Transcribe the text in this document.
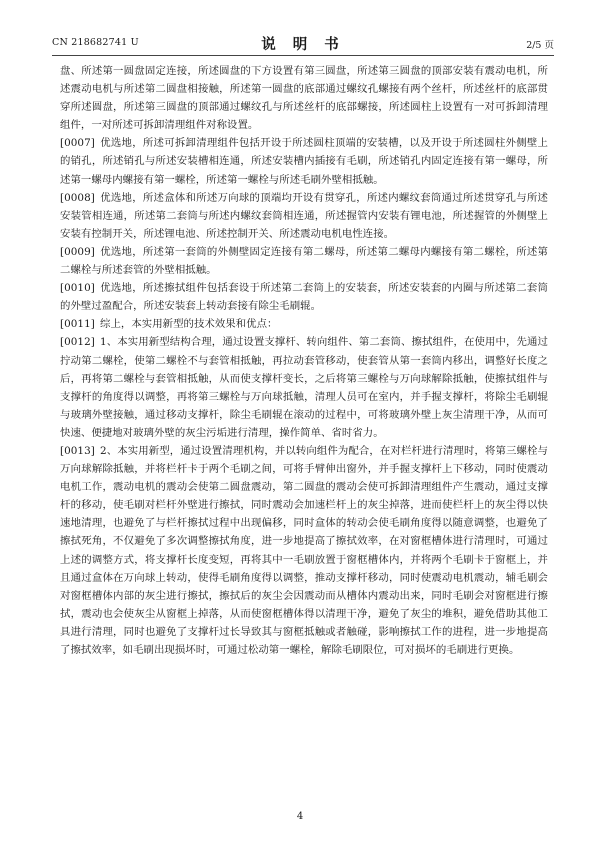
CN 218682741 U	说 明 书	2/5 页

盘、所述第一圆盘固定连接，所述圆盘的下方设置有第三圆盘，所述第三圆盘的顶部安装有震动电机，所述震动电机与所述第二圆盘相接触，所述第一圆盘的底部通过螺纹孔螺接有两个丝杆，所述丝杆的底部贯穿所述圆盘，所述第三圆盘的顶部通过螺纹孔与所述丝杆的底部螺接，所述圆柱上设置有一对可拆卸清理组件，一对所述可拆卸清理组件对称设置。

[0007] 优选地，所述可拆卸清理组件包括开设于所述圆柱顶端的安装槽，以及开设于所述圆柱外侧壁上的销孔，所述销孔与所述安装槽相连通，所述安装槽内插接有毛刷，所述销孔内固定连接有第一螺母，所述第一螺母内螺接有第一螺栓，所述第一螺栓与所述毛刷外壁相抵触。

[0008] 优选地，所述盒体和所述万向球的顶端均开设有贯穿孔，所述内螺纹套筒通过所述贯穿孔与所述安装管相连通，所述第二套筒与所述内螺纹套筒相连通，所述握管内安装有锂电池，所述握管的外侧壁上安装有控制开关，所述锂电池、所述控制开关、所述震动电机电性连接。

[0009] 优选地，所述第一套筒的外侧壁固定连接有第二螺母，所述第二螺母内螺接有第二螺栓，所述第二螺栓与所述套管的外壁相抵触。

[0010] 优选地，所述擦拭组件包括套设于所述第二套筒上的安装套，所述安装套的内圈与所述第二套筒的外壁过盈配合，所述安装套上转动套接有除尘毛刷辊。

[0011] 综上，本实用新型的技术效果和优点：

[0012] 1、本实用新型结构合理，通过设置支撑杆、转向组件、第二套筒、擦拭组件，在使用中，先通过拧动第二螺栓，使第二螺栓不与套管相抵触，再拉动套管移动，使套管从第一套筒内移出，调整好长度之后，再将第二螺栓与套管相抵触，从而使支撑杆变长，之后将第三螺栓与万向球解除抵触，使擦拭组件与支撑杆的角度得以调整，再将第三螺栓与万向球抵触，清理人员可在室内，并手握支撑杆，将除尘毛刷辊与玻璃外壁接触，通过移动支撑杆，除尘毛刷辊在滚动的过程中，可将玻璃外壁上灰尘清理干净，从而可快速、便捷地对玻璃外壁的灰尘污垢进行清理，操作简单、省时省力。

[0013] 2、本实用新型，通过设置清理机构，并以转向组件为配合，在对栏杆进行清理时，将第三螺栓与万向球解除抵触，并将栏杆卡于两个毛刷之间，可将手臂伸出窗外，并手握支撑杆上下移动，同时使震动电机工作，震动电机的震动会使第二圆盘震动，第二圆盘的震动会使可拆卸清理组件产生震动，通过支撑杆的移动，使毛刷对栏杆外壁进行擦拭，同时震动会加速栏杆上的灰尘掉落，进而使栏杆上的灰尘得以快速地清理，也避免了与栏杆擦拭过程中出现偏移，同时盒体的转动会使毛刷角度得以随意调整，也避免了擦拭死角，不仅避免了多次调整擦拭角度，进一步地提高了擦拭效率，在对窗框槽体进行清理时，可通过上述的调整方式，将支撑杆长度变短，再将其中一毛刷放置于窗框槽体内，并将两个毛刷卡于窗框上，并且通过盒体在万向球上转动，使得毛刷角度得以调整，推动支撑杆移动，同时使震动电机震动，辅毛刷会对窗框槽体内部的灰尘进行擦拭，擦拭后的灰尘会因震动而从槽体内震动出来，同时毛刷会对窗框进行擦拭，震动也会使灰尘从窗框上掉落，从而使窗框槽体得以清理干净，避免了灰尘的堆积，避免借助其他工具进行清理，同时也避免了支撑杆过长导致其与窗框抵触或者触碰，影响擦拭工作的进程，进一步地提高了擦拭效率，如毛刷出现损坏时，可通过松动第一螺栓，解除毛刷限位，可对损坏的毛刷进行更换。

4
